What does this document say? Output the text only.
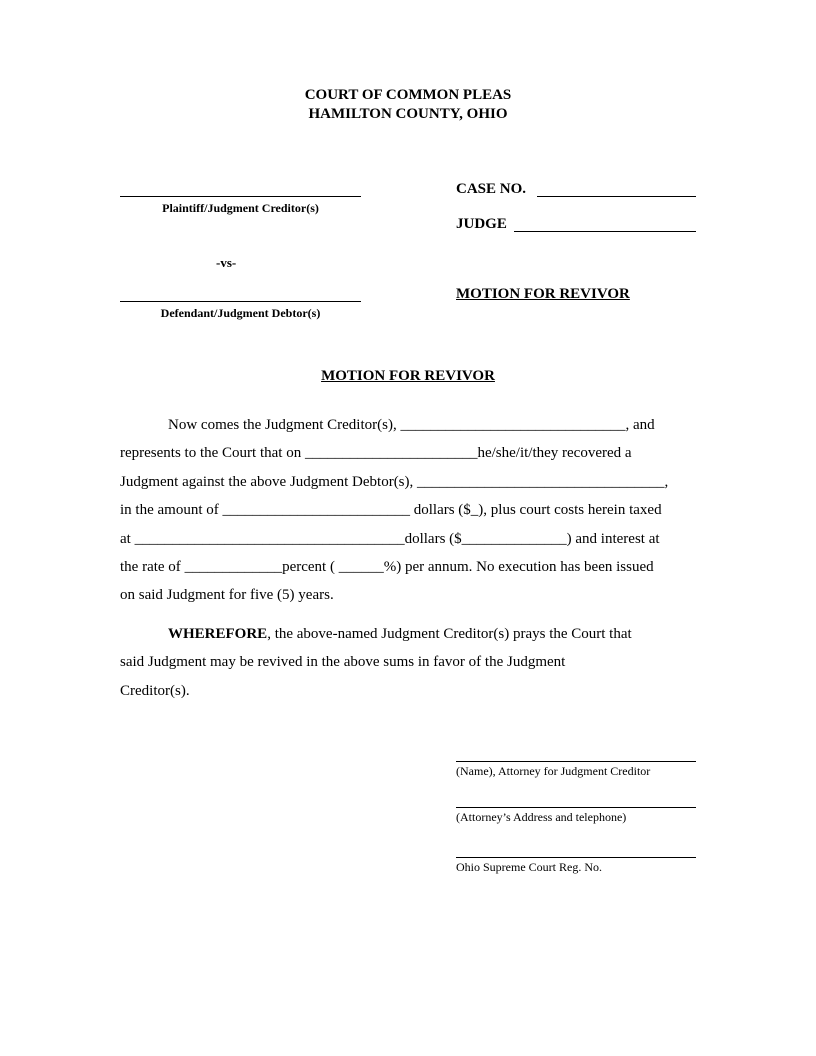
COURT OF COMMON PLEAS
HAMILTON COUNTY, OHIO
Plaintiff/Judgment Creditor(s)
-vs-
Defendant/Judgment Debtor(s)
CASE NO.
JUDGE
MOTION FOR REVIVOR
MOTION FOR REVIVOR

Now comes the Judgment Creditor(s), ______________________________, and

represents to the Court that on _______________________he/she/it/they recovered a

Judgment against the above Judgment Debtor(s), _________________________________,

in the amount of _________________________ dollars ($_), plus court costs herein taxed

at ____________________________________dollars ($______________) and interest at

the rate of _____________percent ( ______%) per annum. No execution has been issued

on said Judgment for five (5) years.

WHEREFORE, the above-named Judgment Creditor(s) prays the Court that

said Judgment may be revived in the above sums in favor of the Judgment

Creditor(s).

(Name), Attorney for Judgment Creditor
(Attorney’s Address and telephone)
Ohio Supreme Court Reg. No.
